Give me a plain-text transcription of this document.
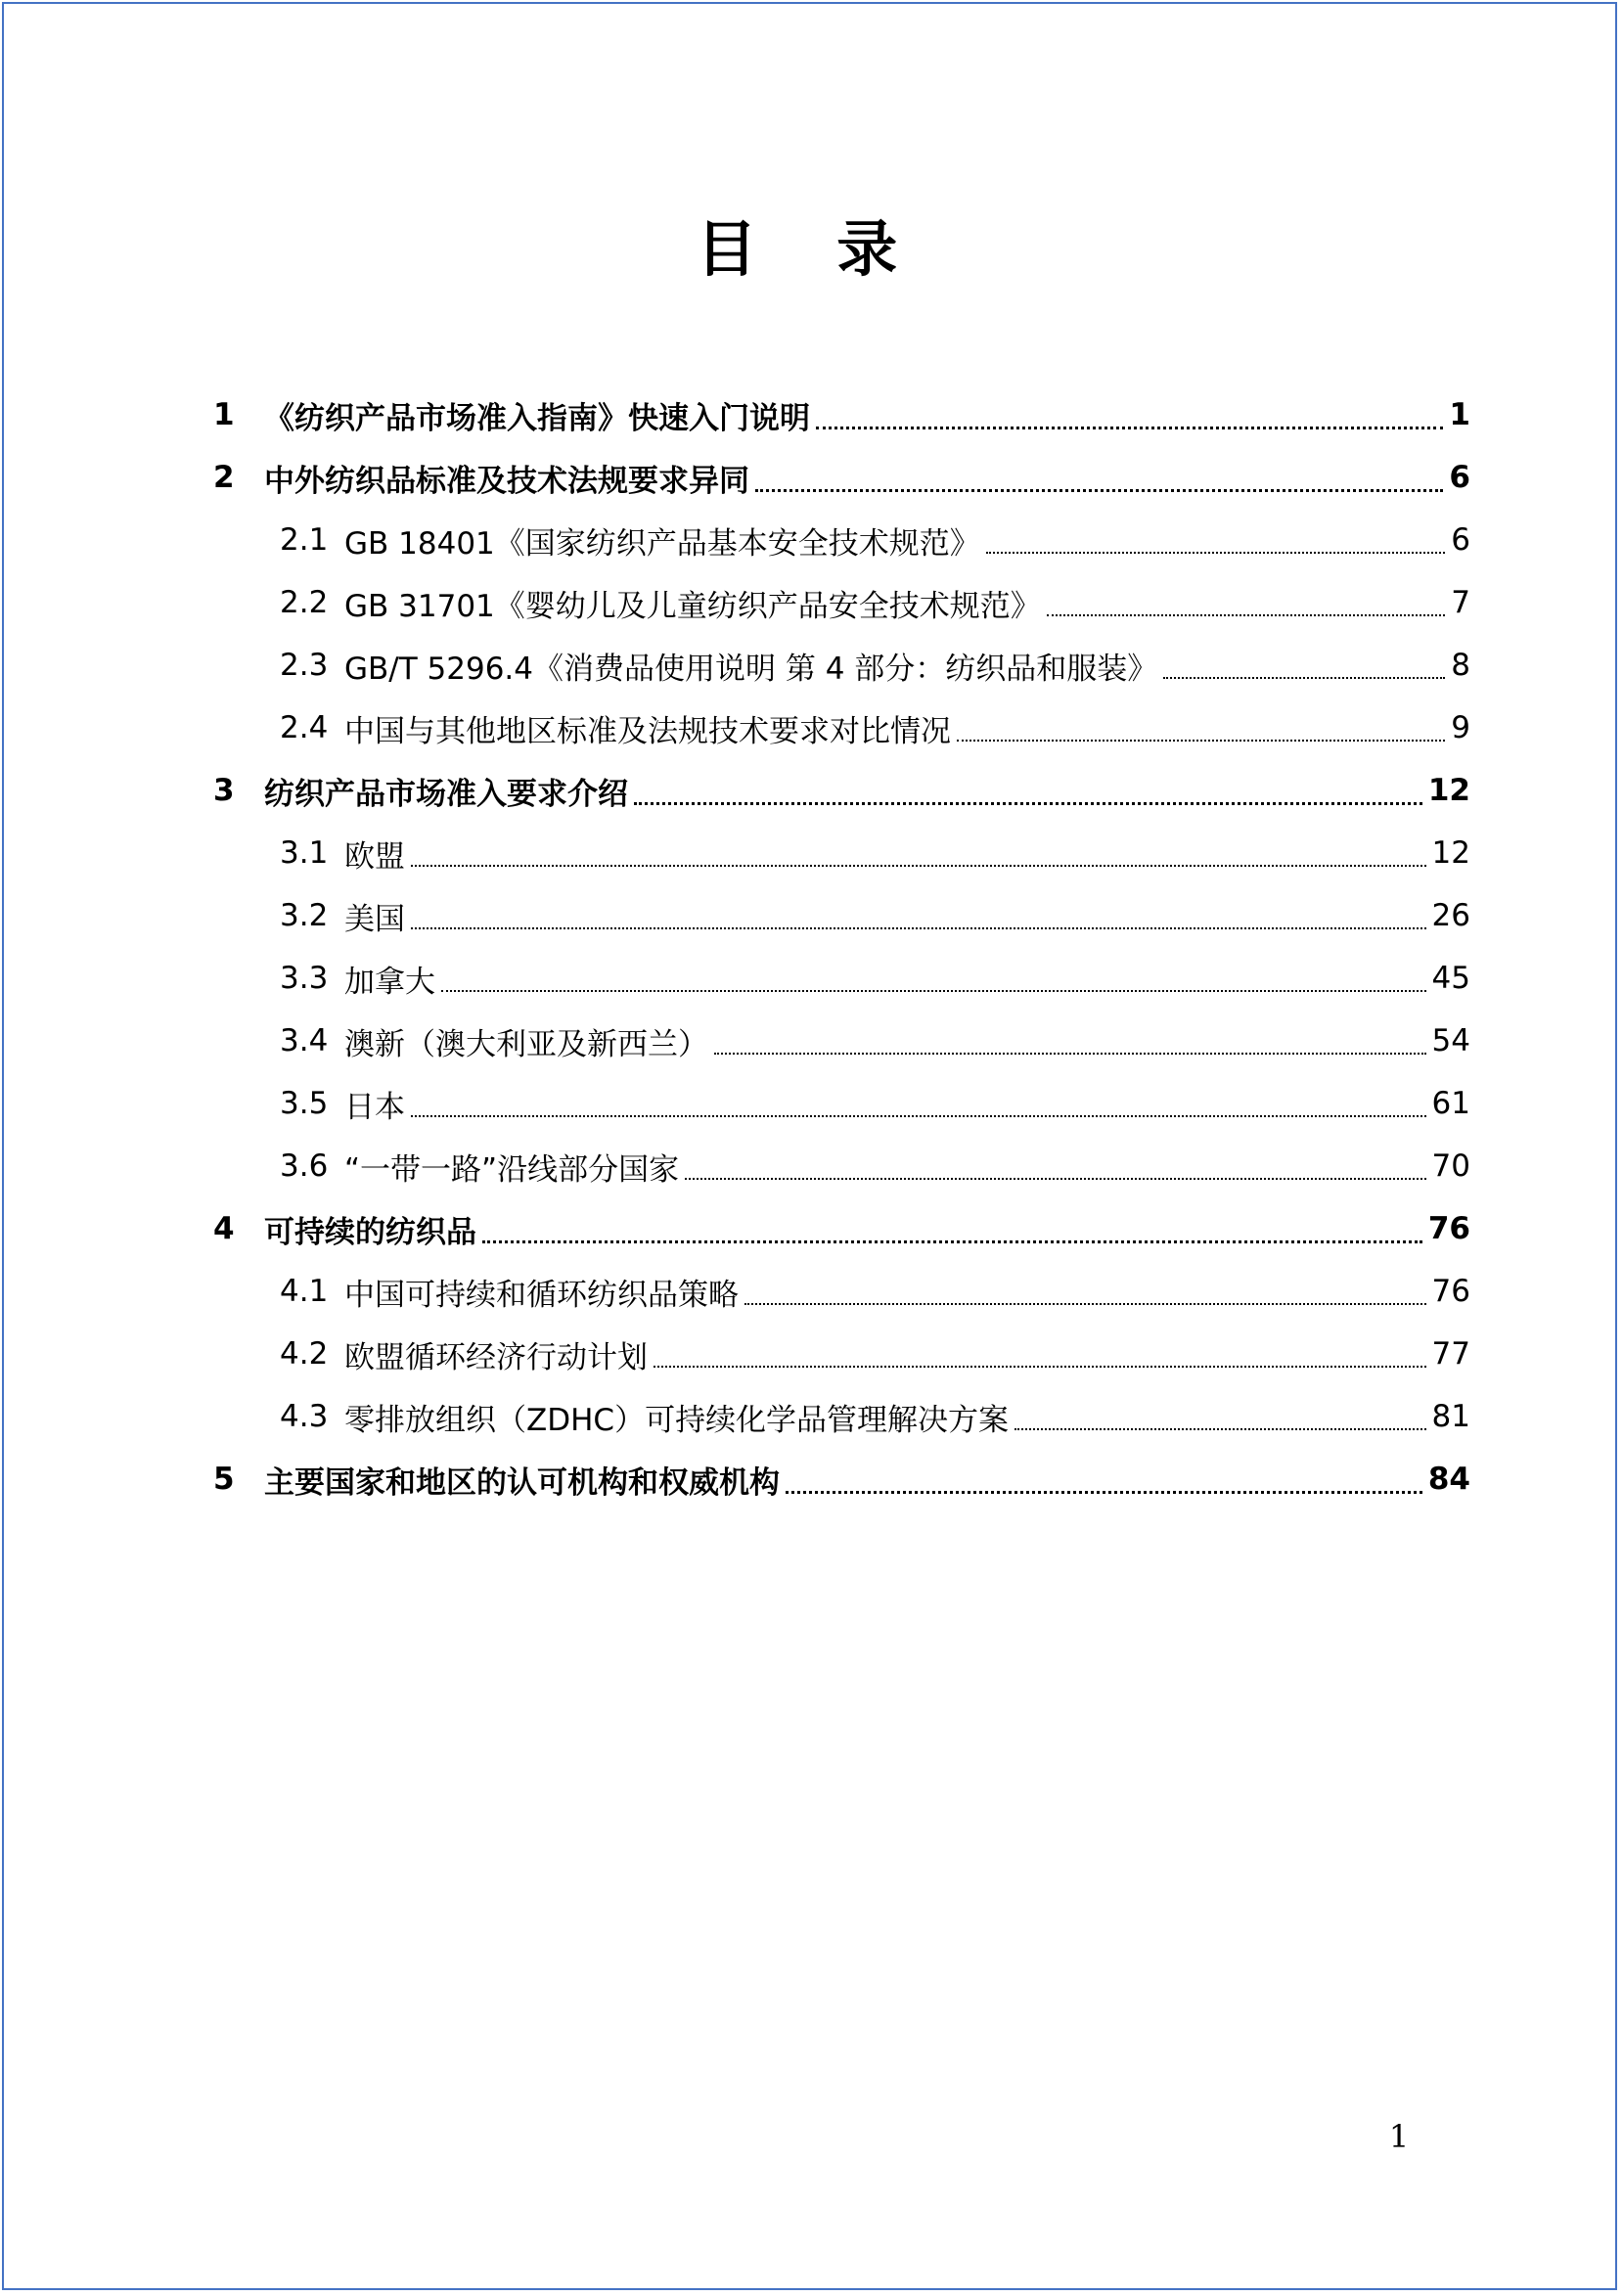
目 录
1 《纺织产品市场准入指南》快速入门说明	1
2 中外纺织品标准及技术法规要求异同	6
2.1 GB 18401《国家纺织产品基本安全技术规范》	6
2.2 GB 31701《婴幼儿及儿童纺织产品安全技术规范》	7
2.3 GB/T 5296.4《消费品使用说明 第 4 部分：纺织品和服装》	8
2.4 中国与其他地区标准及法规技术要求对比情况	9
3 纺织产品市场准入要求介绍	12
3.1 欧盟	12
3.2 美国	26
3.3 加拿大	45
3.4 澳新（澳大利亚及新西兰）	54
3.5 日本	61
3.6 “一带一路”沿线部分国家	70
4 可持续的纺织品	76
4.1 中国可持续和循环纺织品策略	76
4.2 欧盟循环经济行动计划	77
4.3 零排放组织（ZDHC）可持续化学品管理解决方案	81
5 主要国家和地区的认可机构和权威机构	84
1
